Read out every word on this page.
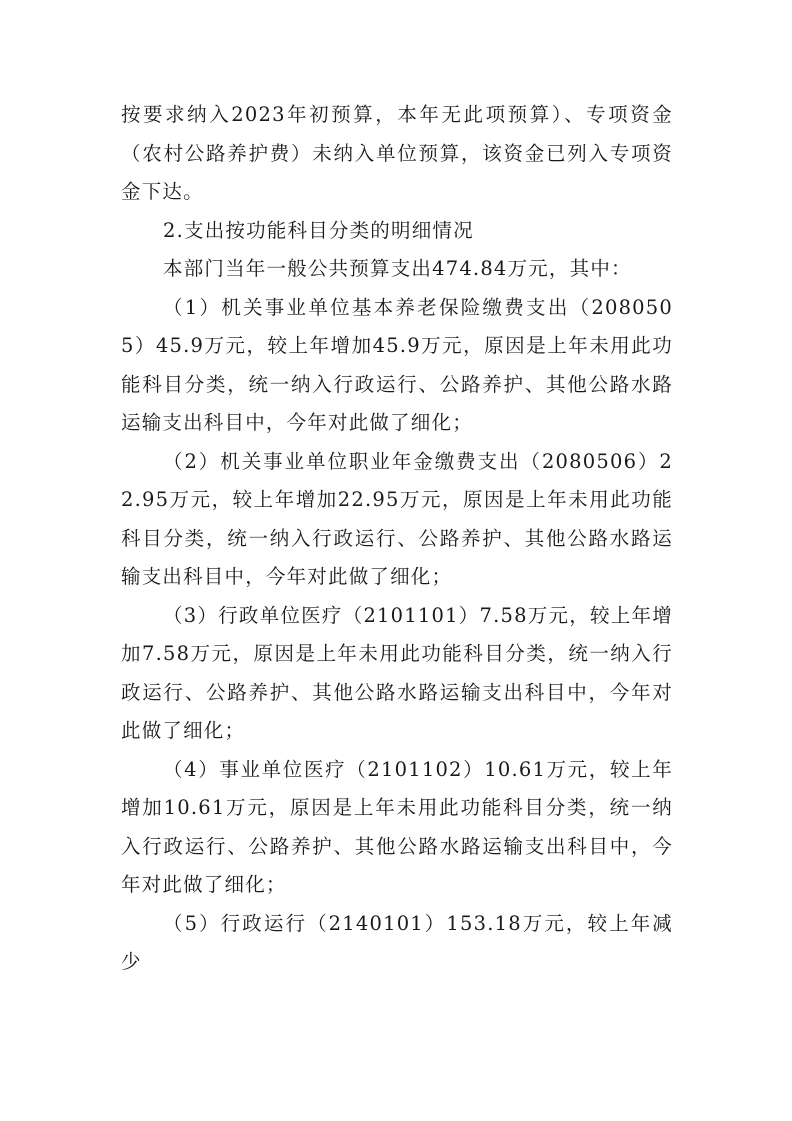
按要求纳入2023年初预算，本年无此项预算）、专项资金（农村公路养护费）未纳入单位预算，该资金已列入专项资金下达。

2.支出按功能科目分类的明细情况

本部门当年一般公共预算支出474.84万元，其中：

（1）机关事业单位基本养老保险缴费支出（2080505）45.9万元，较上年增加45.9万元，原因是上年未用此功能科目分类，统一纳入行政运行、公路养护、其他公路水路运输支出科目中，今年对此做了细化；

（2）机关事业单位职业年金缴费支出（2080506）22.95万元，较上年增加22.95万元，原因是上年未用此功能科目分类，统一纳入行政运行、公路养护、其他公路水路运输支出科目中，今年对此做了细化；

（3）行政单位医疗（2101101）7.58万元，较上年增加7.58万元，原因是上年未用此功能科目分类，统一纳入行政运行、公路养护、其他公路水路运输支出科目中，今年对此做了细化；

（4）事业单位医疗（2101102）10.61万元，较上年增加10.61万元，原因是上年未用此功能科目分类，统一纳入行政运行、公路养护、其他公路水路运输支出科目中，今年对此做了细化；

（5）行政运行（2140101）153.18万元，较上年减少
